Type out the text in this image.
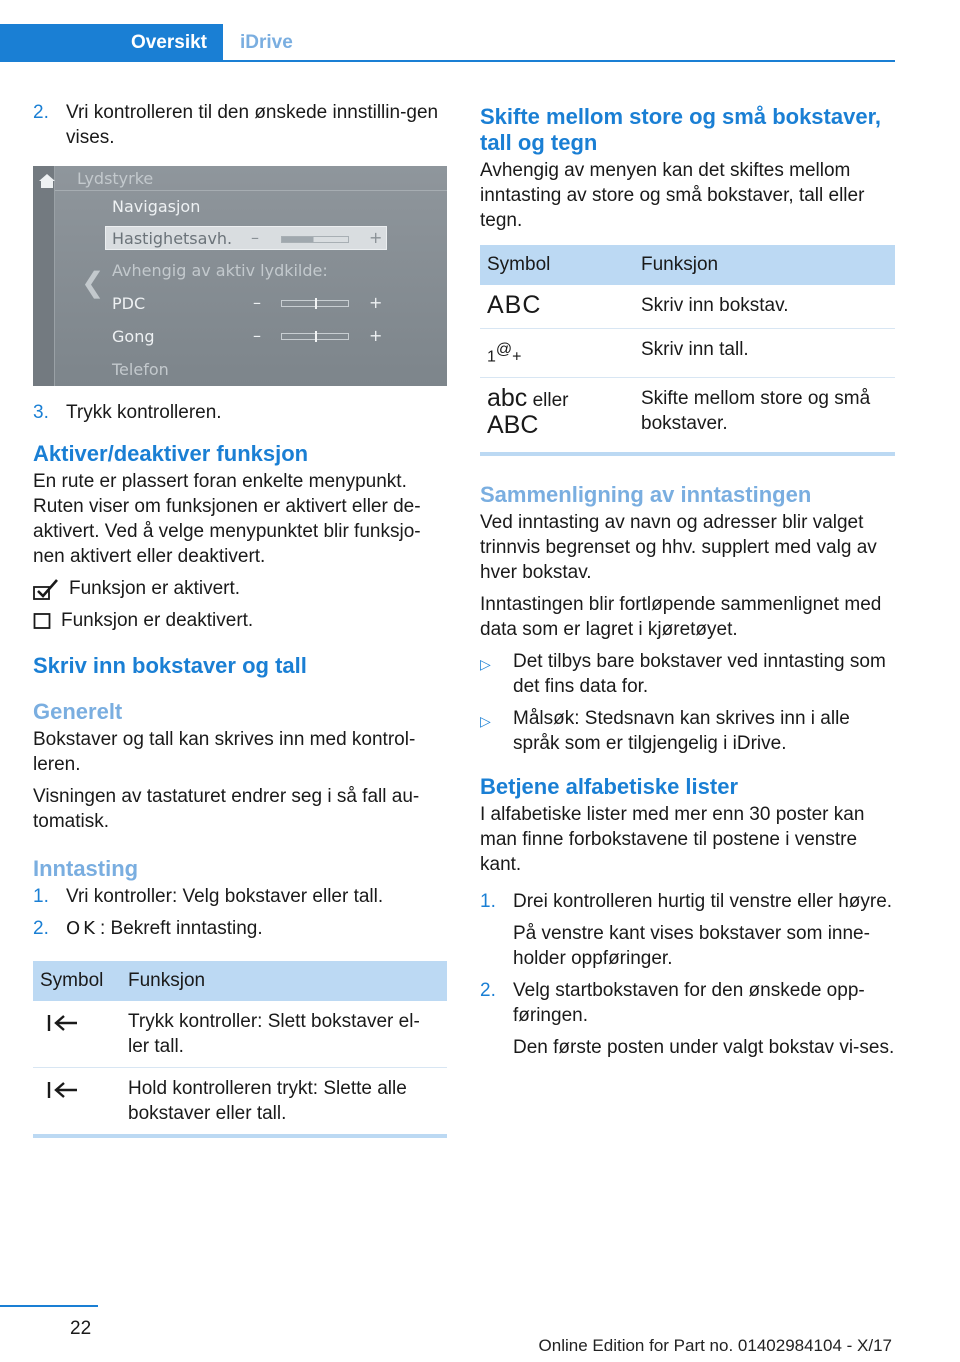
Oversikt	iDrive
2. Vri kontrolleren til den ønskede innstillin-gen vises.
Lydstyrke
❮
Navigasjon
Hastighetsavh. –	+
Avhengig av aktiv lydkilde:
PDC	–	+
Gong	–	+
Telefon
3. Trykk kontrolleren.
Aktiver/deaktiver funksjon

En rute er plassert foran enkelte menypunkt. Ruten viser om funksjonen er aktivert eller de-aktivert. Ved å velge menypunktet blir funksjo-nen aktivert eller deaktivert.

Funksjon er aktivert.
Funksjon er deaktivert.
Skriv inn bokstaver og tall
Generelt

Bokstaver og tall kan skrives inn med kontrol-leren.

Visningen av tastaturet endrer seg i så fall au-tomatisk.

Inntasting
1. Vri kontroller: Velg bokstaver eller tall.
2. OK : Bekreft inntasting.
Symbol	Funksjon
	Trykk kontroller: Slett bokstaver el-ler tall.
	Hold kontrolleren trykt: Slette alle bokstaver eller tall.
Skifte mellom store og små bokstaver, tall og tegn

Avhengig av menyen kan det skiftes mellom inntasting av store og små bokstaver, tall eller tegn.

Symbol	Funksjon
ABC	Skriv inn bokstav.
1@+	Skriv inn tall.
abc eller
ABC	Skifte mellom store og små bokstaver.
Sammenligning av inntastingen

Ved inntasting av navn og adresser blir valget trinnvis begrenset og hhv. supplert med valg av hver bokstav.

Inntastingen blir fortløpende sammenlignet med data som er lagret i kjøretøyet.

▷	Det tilbys bare bokstaver ved inntasting som det fins data for.
▷	Målsøk: Stedsnavn kan skrives inn i alle språk som er tilgjengelig i iDrive.
Betjene alfabetiske lister

I alfabetiske lister med mer enn 30 poster kan man finne forbokstavene til postene i venstre kant.

1. Drei kontrolleren hurtig til venstre eller høyre.

På venstre kant vises bokstaver som inne-holder oppføringer.

2. Velg startbokstaven for den ønskede opp-føringen.

Den første posten under valgt bokstav vi-ses.

22
Online Edition for Part no. 01402984104 - X/17
